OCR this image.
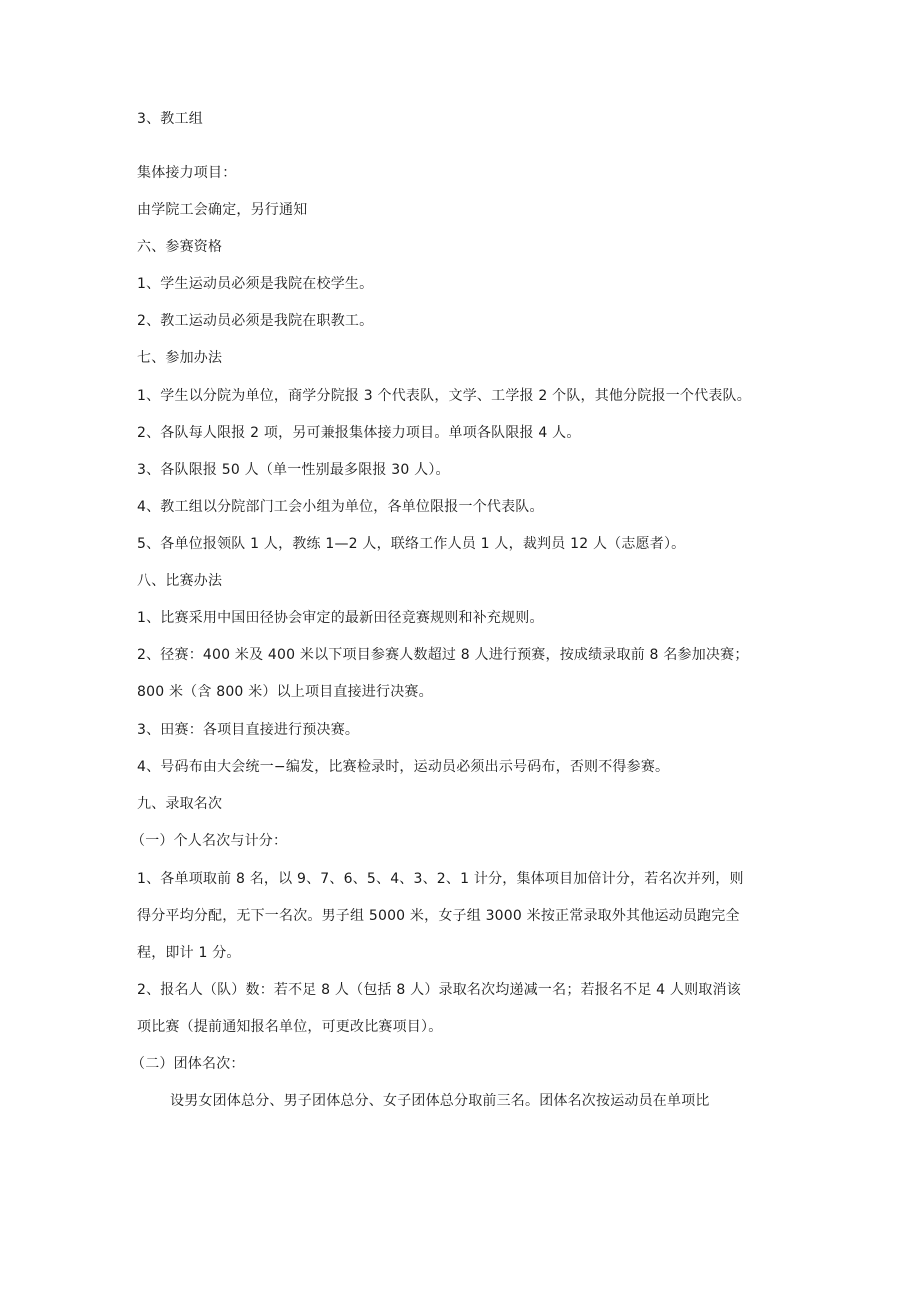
3、教工组
集体接力项目：
由学院工会确定，另行通知
六、参赛资格
1、学生运动员必须是我院在校学生。
2、教工运动员必须是我院在职教工。
七、参加办法
1、学生以分院为单位，商学分院报 3 个代表队，文学、工学报 2 个队，其他分院报一个代表队。
2、各队每人限报 2 项，另可兼报集体接力项目。单项各队限报 4 人。
3、各队限报 50 人（单一性别最多限报 30 人）。
4、教工组以分院部门工会小组为单位，各单位限报一个代表队。
5、各单位报领队 1 人，教练 1—2 人，联络工作人员 1 人，裁判员 12 人（志愿者）。
八、比赛办法
1、比赛采用中国田径协会审定的最新田径竞赛规则和补充规则。
2、径赛：400 米及 400 米以下项目参赛人数超过 8 人进行预赛，按成绩录取前 8 名参加决赛；
800 米（含 800 米）以上项目直接进行决赛。
3、田赛：各项目直接进行预决赛。
4、号码布由大会统一−编发，比赛检录时，运动员必须出示号码布，否则不得参赛。
九、录取名次
（一）个人名次与计分：
1、各单项取前 8 名，以 9、7、6、5、4、3、2、1 计分，集体项目加倍计分，若名次并列，则
得分平均分配，无下一名次。男子组 5000 米，女子组 3000 米按正常录取外其他运动员跑完全
程，即计 1 分。
2、报名人（队）数：若不足 8 人（包括 8 人）录取名次均递减一名；若报名不足 4 人则取消该
项比赛（提前通知报名单位，可更改比赛项目）。
（二）团体名次：
设男女团体总分、男子团体总分、女子团体总分取前三名。团体名次按运动员在单项比
